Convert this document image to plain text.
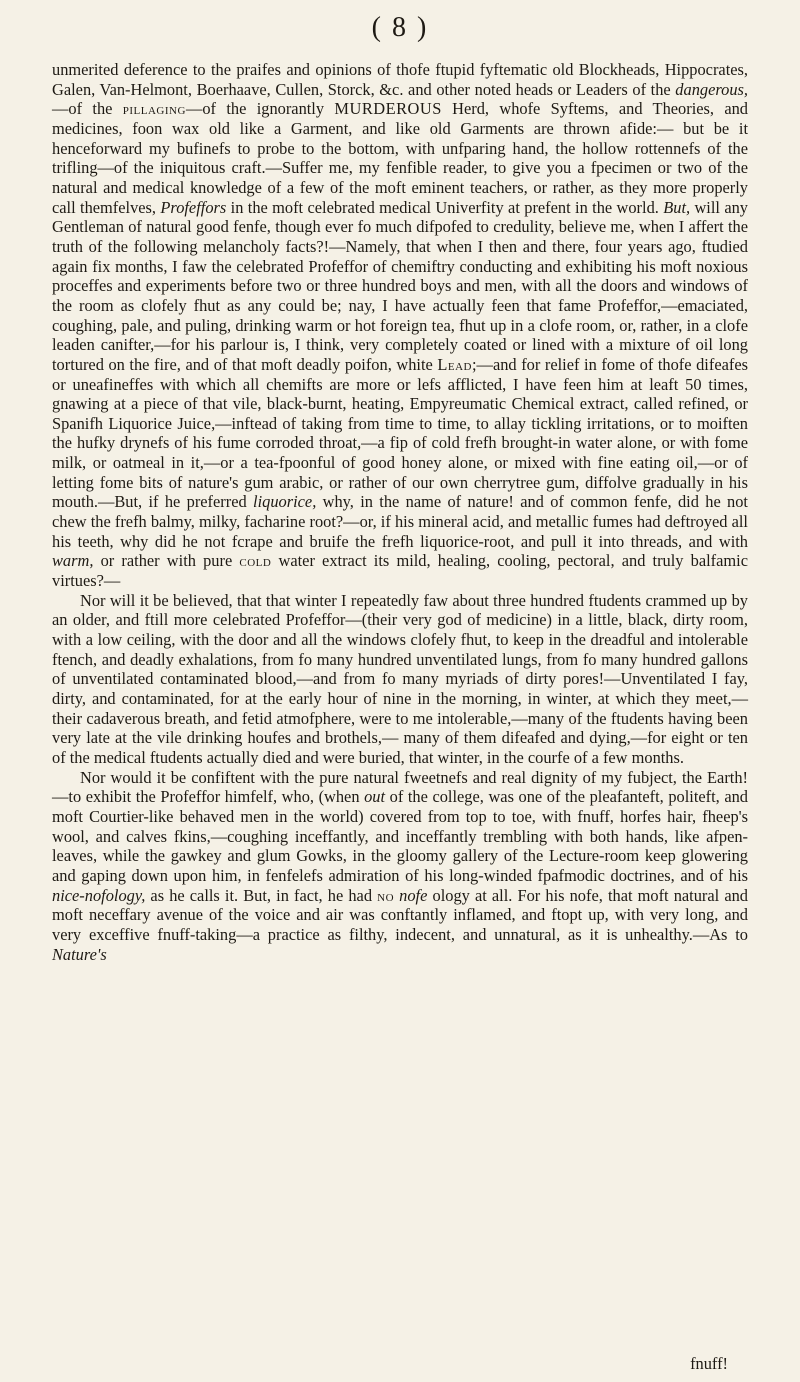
( 8 )

unmerited deference to the praifes and opinions of thofe ftupid fyftematic old Blockheads, Hippocrates, Galen, Van-Helmont, Boerhaave, Cullen, Storck, &c. and other noted heads or Leaders of the dangerous,—of the pillaging—of the ignorantly MURDEROUS Herd, whofe Syftems, and Theories, and medicines, foon wax old like a Garment, and like old Garments are thrown afide:— but be it henceforward my bufinefs to probe to the bottom, with unfparing hand, the hollow rottennefs of the trifling—of the iniquitous craft.—Suffer me, my fenfible reader, to give you a fpecimen or two of the natural and medical knowledge of a few of the moft eminent teachers, or rather, as they more properly call themfelves, Profeffors in the moft celebrated medical Univerfity at prefent in the world. But, will any Gentleman of natural good fenfe, though ever fo much difpofed to credulity, believe me, when I affert the truth of the following melancholy facts?!—Namely, that when I then and there, four years ago, ftudied again fix months, I faw the celebrated Profeffor of chemiftry conducting and exhibiting his moft noxious proceffes and experiments before two or three hundred boys and men, with all the doors and windows of the room as clofely fhut as any could be; nay, I have actually feen that fame Profeffor,—emaciated, coughing, pale, and puling, drinking warm or hot foreign tea, fhut up in a clofe room, or, rather, in a clofe leaden canifter,—for his parlour is, I think, very completely coated or lined with a mixture of oil long tortured on the fire, and of that moft deadly poifon, white Lead;—and for relief in fome of thofe difeafes or uneafineffes with which all chemifts are more or lefs afflicted, I have feen him at leaft 50 times, gnawing at a piece of that vile, black-burnt, heating, Empyreumatic Chemical extract, called refined, or Spanifh Liquorice Juice,—inftead of taking from time to time, to allay tickling irritations, or to moiften the hufky drynefs of his fume corroded throat,—a fip of cold frefh brought-in water alone, or with fome milk, or oatmeal in it,—or a tea-fpoonful of good honey alone, or mixed with fine eating oil,—or of letting fome bits of nature's gum arabic, or rather of our own cherrytree gum, diffolve gradually in his mouth.—But, if he preferred liquorice, why, in the name of nature! and of common fenfe, did he not chew the frefh balmy, milky, facharine root?—or, if his mineral acid, and metallic fumes had deftroyed all his teeth, why did he not fcrape and bruife the frefh liquorice-root, and pull it into threads, and with warm, or rather with pure cold water extract its mild, healing, cooling, pectoral, and truly balfamic virtues?—

Nor will it be believed, that that winter I repeatedly faw about three hundred ftudents crammed up by an older, and ftill more celebrated Profeffor—(their very god of medicine) in a little, black, dirty room, with a low ceiling, with the door and all the windows clofely fhut, to keep in the dreadful and intolerable ftench, and deadly exhalations, from fo many hundred unventilated lungs, from fo many hundred gallons of unventilated contaminated blood,—and from fo many myriads of dirty pores!—Unventilated I fay, dirty, and contaminated, for at the early hour of nine in the morning, in winter, at which they meet,— their cadaverous breath, and fetid atmofphere, were to me intolerable,—many of the ftudents having been very late at the vile drinking houfes and brothels,— many of them difeafed and dying,—for eight or ten of the medical ftudents actually died and were buried, that winter, in the courfe of a few months.

Nor would it be confiftent with the pure natural fweetnefs and real dignity of my fubject, the Earth!—to exhibit the Profeffor himfelf, who, (when out of the college, was one of the pleafanteft, politeft, and moft Courtier-like behaved men in the world) covered from top to toe, with fnuff, horfes hair, fheep's wool, and calves fkins,—coughing inceffantly, and inceffantly trembling with both hands, like afpen-leaves, while the gawkey and glum Gowks, in the gloomy gallery of the Lecture-room keep glowering and gaping down upon him, in fenfelefs admiration of his long-winded fpafmodic doctrines, and of his nice-nofology, as he calls it. But, in fact, he had no nofe ology at all. For his nofe, that moft natural and moft neceffary avenue of the voice and air was conftantly inflamed, and ftopt up, with very long, and very exceffive fnuff-taking—a practice as filthy, indecent, and unnatural, as it is unhealthy.—As to Nature's

fnuff!
